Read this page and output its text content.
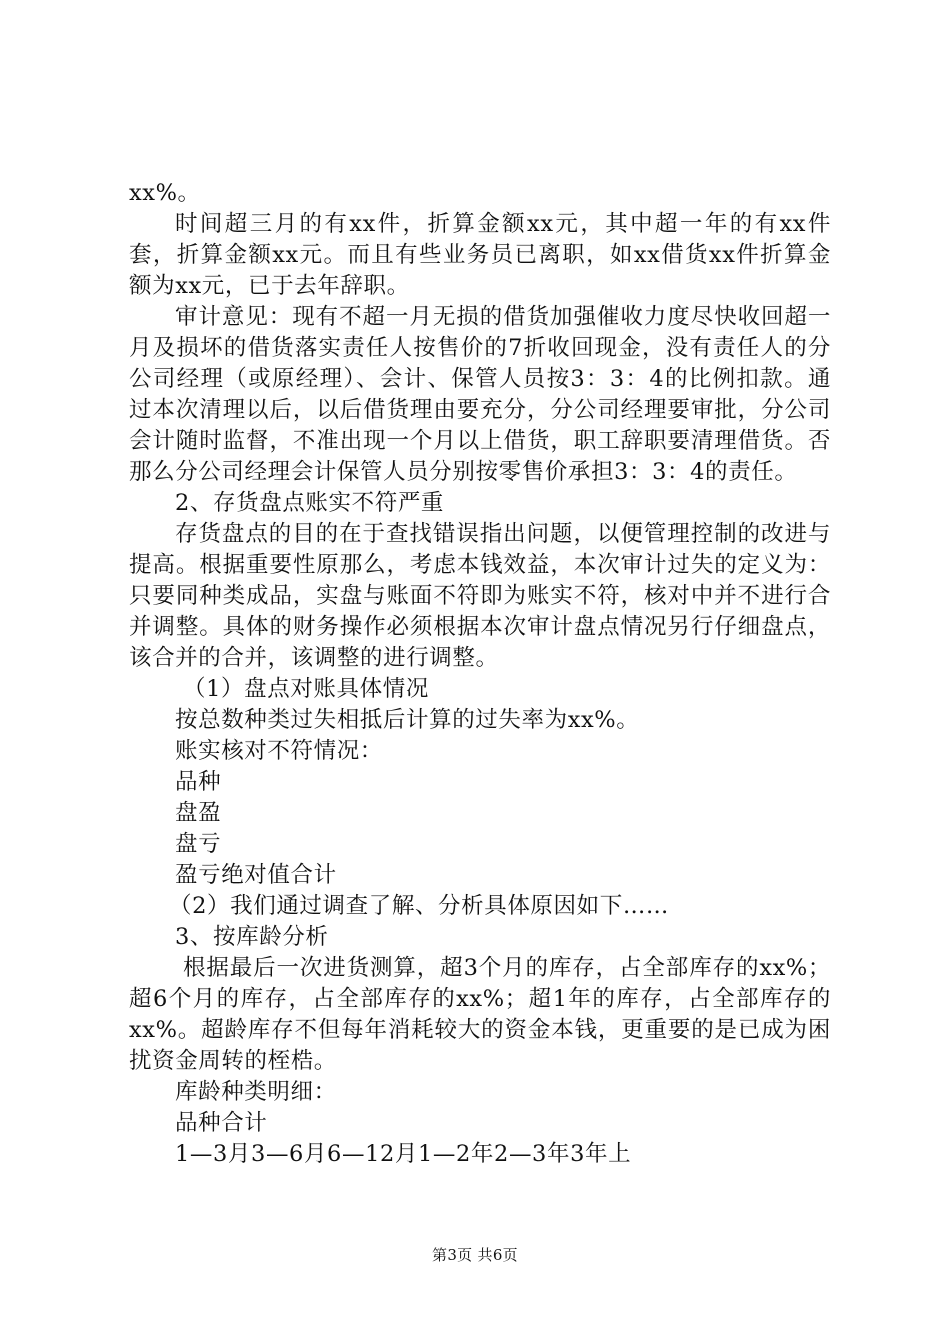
xx%。

时间超三月的有xx件，折算金额xx元，其中超一年的有xx件套，折算金额xx元。而且有些业务员已离职，如xx借货xx件折算金额为xx元，已于去年辞职。

审计意见：现有不超一月无损的借货加强催收力度尽快收回超一月及损坏的借货落实责任人按售价的7折收回现金，没有责任人的分公司经理（或原经理）、会计、保管人员按3：3：4的比例扣款。通过本次清理以后，以后借货理由要充分，分公司经理要审批，分公司会计随时监督，不准出现一个月以上借货，职工辞职要清理借货。否那么分公司经理会计保管人员分别按零售价承担3：3：4的责任。

2、存货盘点账实不符严重

存货盘点的目的在于查找错误指出问题，以便管理控制的改进与提高。根据重要性原那么，考虑本钱效益，本次审计过失的定义为：只要同种类成品，实盘与账面不符即为账实不符，核对中并不进行合并调整。具体的财务操作必须根据本次审计盘点情况另行仔细盘点，该合并的合并，该调整的进行调整。

（1）盘点对账具体情况

按总数种类过失相抵后计算的过失率为xx%。

账实核对不符情况：

品种

盘盈

盘亏

盈亏绝对值合计

（2）我们通过调查了解、分析具体原因如下……

3、按库龄分析

根据最后一次进货测算，超3个月的库存，占全部库存的xx%；超6个月的库存，占全部库存的xx%；超1年的库存，占全部库存的xx%。超龄库存不但每年消耗较大的资金本钱，更重要的是已成为困扰资金周转的桎梏。

库龄种类明细：

品种合计

1—3月3—6月6—12月1—2年2—3年3年上

第3页 共6页
